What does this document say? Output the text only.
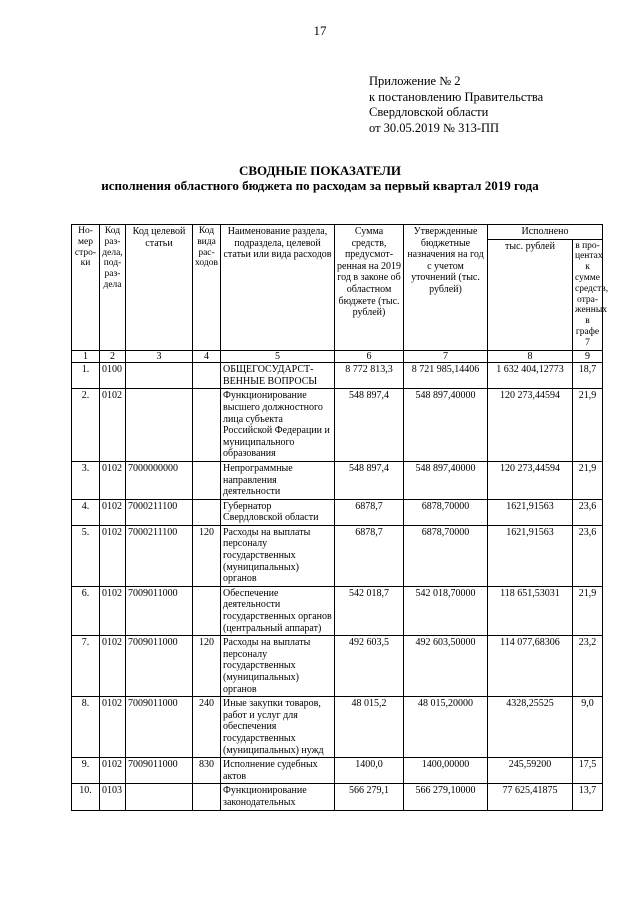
17
Приложение № 2
к постановлению Правительства
Свердловской области
от 30.05.2019 № 313-ПП
СВОДНЫЕ ПОКАЗАТЕЛИ
исполнения областного бюджета по расходам за первый квартал 2019 года
Но-мер стро-ки	Код раз-дела, под-раз-дела	Код целевой статьи	Код вида рас-ходов	Наименование раздела, подраздела, целевой статьи или вида расходов	Сумма средств, предусмот-ренная на 2019 год в законе об областном бюджете (тыс. рублей)	Утвержденные бюджетные назначения на год с учетом уточнений (тыс. рублей)	Исполнено	
							тыс. рублей	в про-центах к сумме средств, отра-женных в графе 7
1	2	3	4	5	6	7	8	9
1.	0100			ОБЩЕГОСУДАРСТ-ВЕННЫЕ ВОПРОСЫ	8 772 813,3	8 721 985,14406	1 632 404,12773	18,7
2.	0102			Функционирование высшего должностного лица субъекта Российской Федерации и муниципального образования	548 897,4	548 897,40000	120 273,44594	21,9
3.	0102	7000000000		Непрограммные направления деятельности	548 897,4	548 897,40000	120 273,44594	21,9
4.	0102	7000211100		Губернатор Свердловской области	6878,7	6878,70000	1621,91563	23,6
5.	0102	7000211100	120	Расходы на выплаты персоналу государственных (муниципальных) органов	6878,7	6878,70000	1621,91563	23,6
6.	0102	7009011000		Обеспечение деятельности государственных органов (центральный аппарат)	542 018,7	542 018,70000	118 651,53031	21,9
7.	0102	7009011000	120	Расходы на выплаты персоналу государственных (муниципальных) органов	492 603,5	492 603,50000	114 077,68306	23,2
8.	0102	7009011000	240	Иные закупки товаров, работ и услуг для обеспечения государственных (муниципальных) нужд	48 015,2	48 015,20000	4328,25525	9,0
9.	0102	7009011000	830	Исполнение судебных актов	1400,0	1400,00000	245,59200	17,5
10.	0103			Функционирование законодательных	566 279,1	566 279,10000	77 625,41875	13,7
